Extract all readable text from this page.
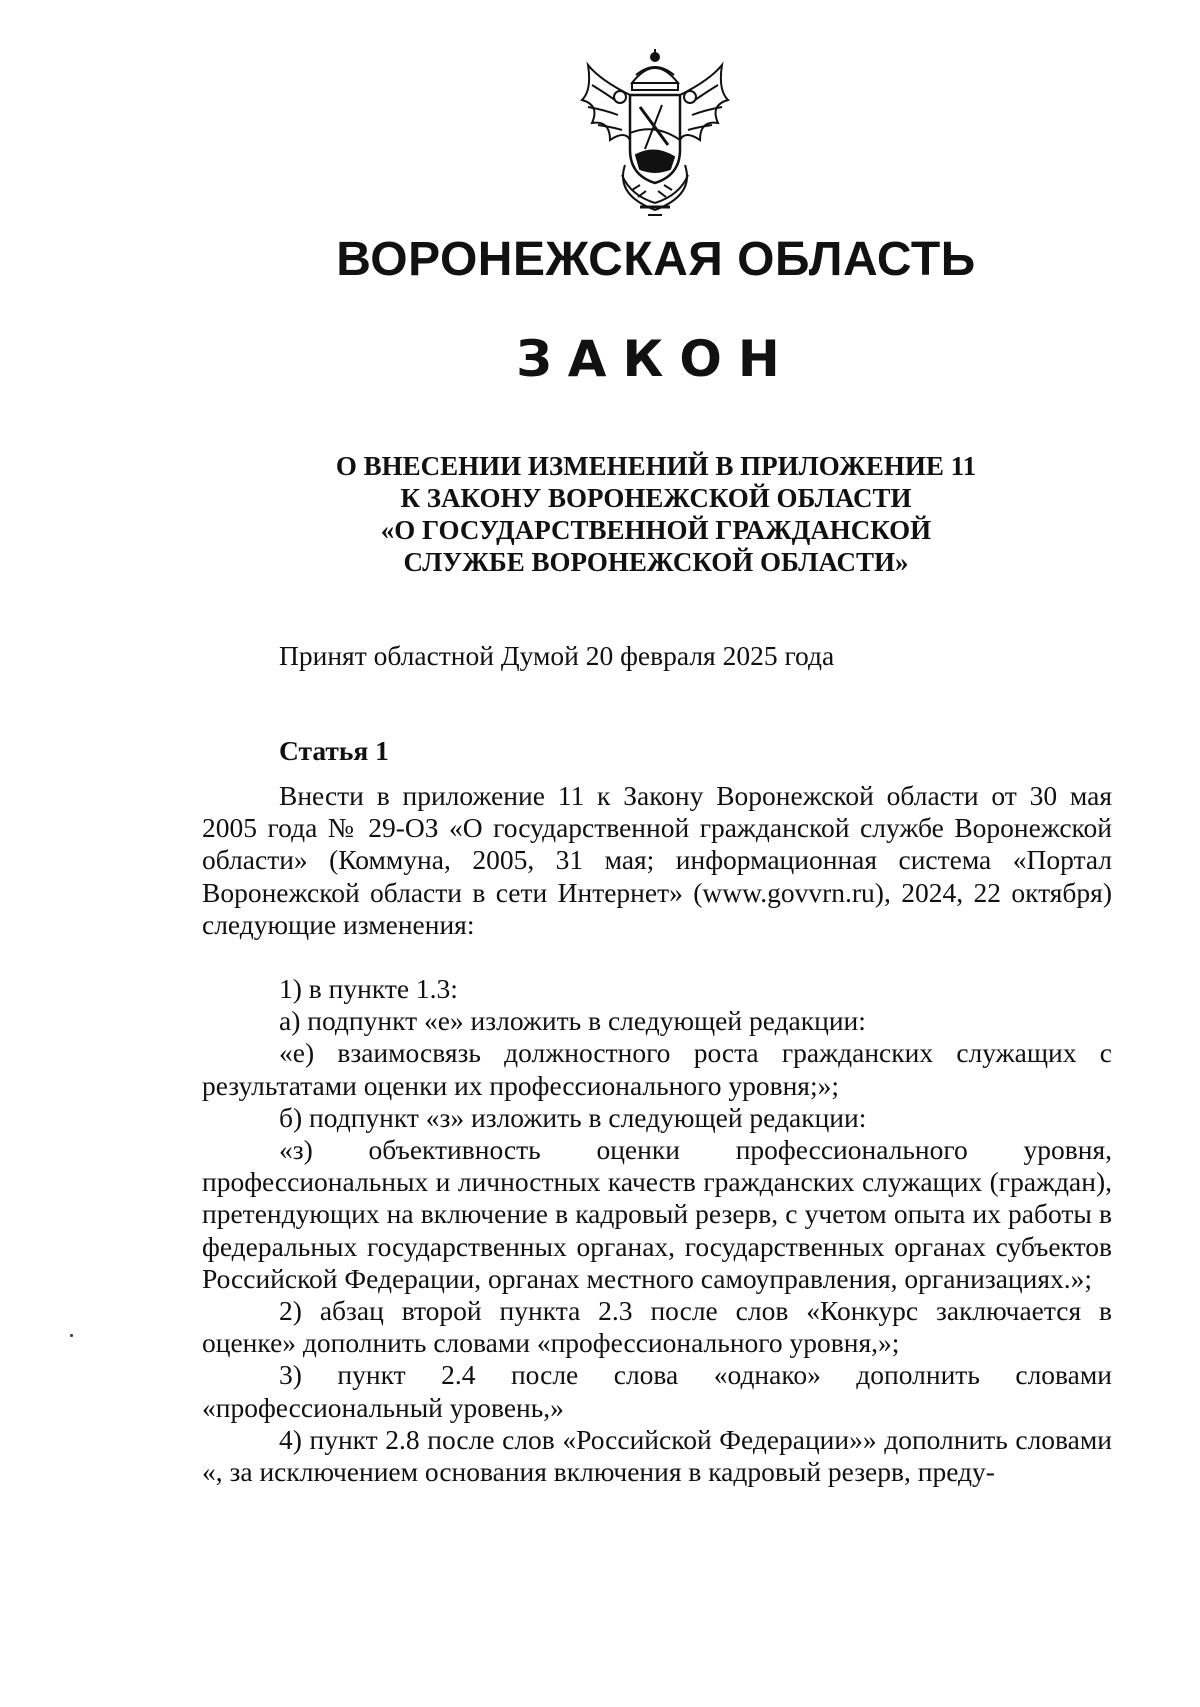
ВОРОНЕЖСКАЯ ОБЛАСТЬ
ЗАКОН
О ВНЕСЕНИИ ИЗМЕНЕНИЙ В ПРИЛОЖЕНИЕ 11
К ЗАКОНУ ВОРОНЕЖСКОЙ ОБЛАСТИ
«О ГОСУДАРСТВЕННОЙ ГРАЖДАНСКОЙ
СЛУЖБЕ ВОРОНЕЖСКОЙ ОБЛАСТИ»
Принят областной Думой 20 февраля 2025 года
Статья 1
Внести в приложение 11 к Закону Воронежской области от 30 мая 2005 года № 29-ОЗ «О государственной гражданской службе Воронежской области» (Коммуна, 2005, 31 мая; информационная система «Портал Воронежской области в сети Интернет» (www.govvrn.ru), 2024, 22 октября) следующие изменения:
1) в пункте 1.3:
а) подпункт «е» изложить в следующей редакции:
«е) взаимосвязь должностного роста гражданских служащих с результатами оценки их профессионального уровня;»;
б) подпункт «з» изложить в следующей редакции:
«з) объективность оценки профессионального уровня, профессиональных и личностных качеств гражданских служащих (граждан), претендующих на включение в кадровый резерв, с учетом опыта их работы в федеральных государственных органах, государственных органах субъектов Российской Федерации, органах местного самоуправления, организациях.»;
2) абзац второй пункта 2.3 после слов «Конкурс заключается в оценке» дополнить словами «профессионального уровня,»;
3) пункт 2.4 после слова «однако» дополнить словами «профессиональный уровень,»
4) пункт 2.8 после слов «Российской Федерации»» дополнить словами «, за исключением основания включения в кадровый резерв, преду-
